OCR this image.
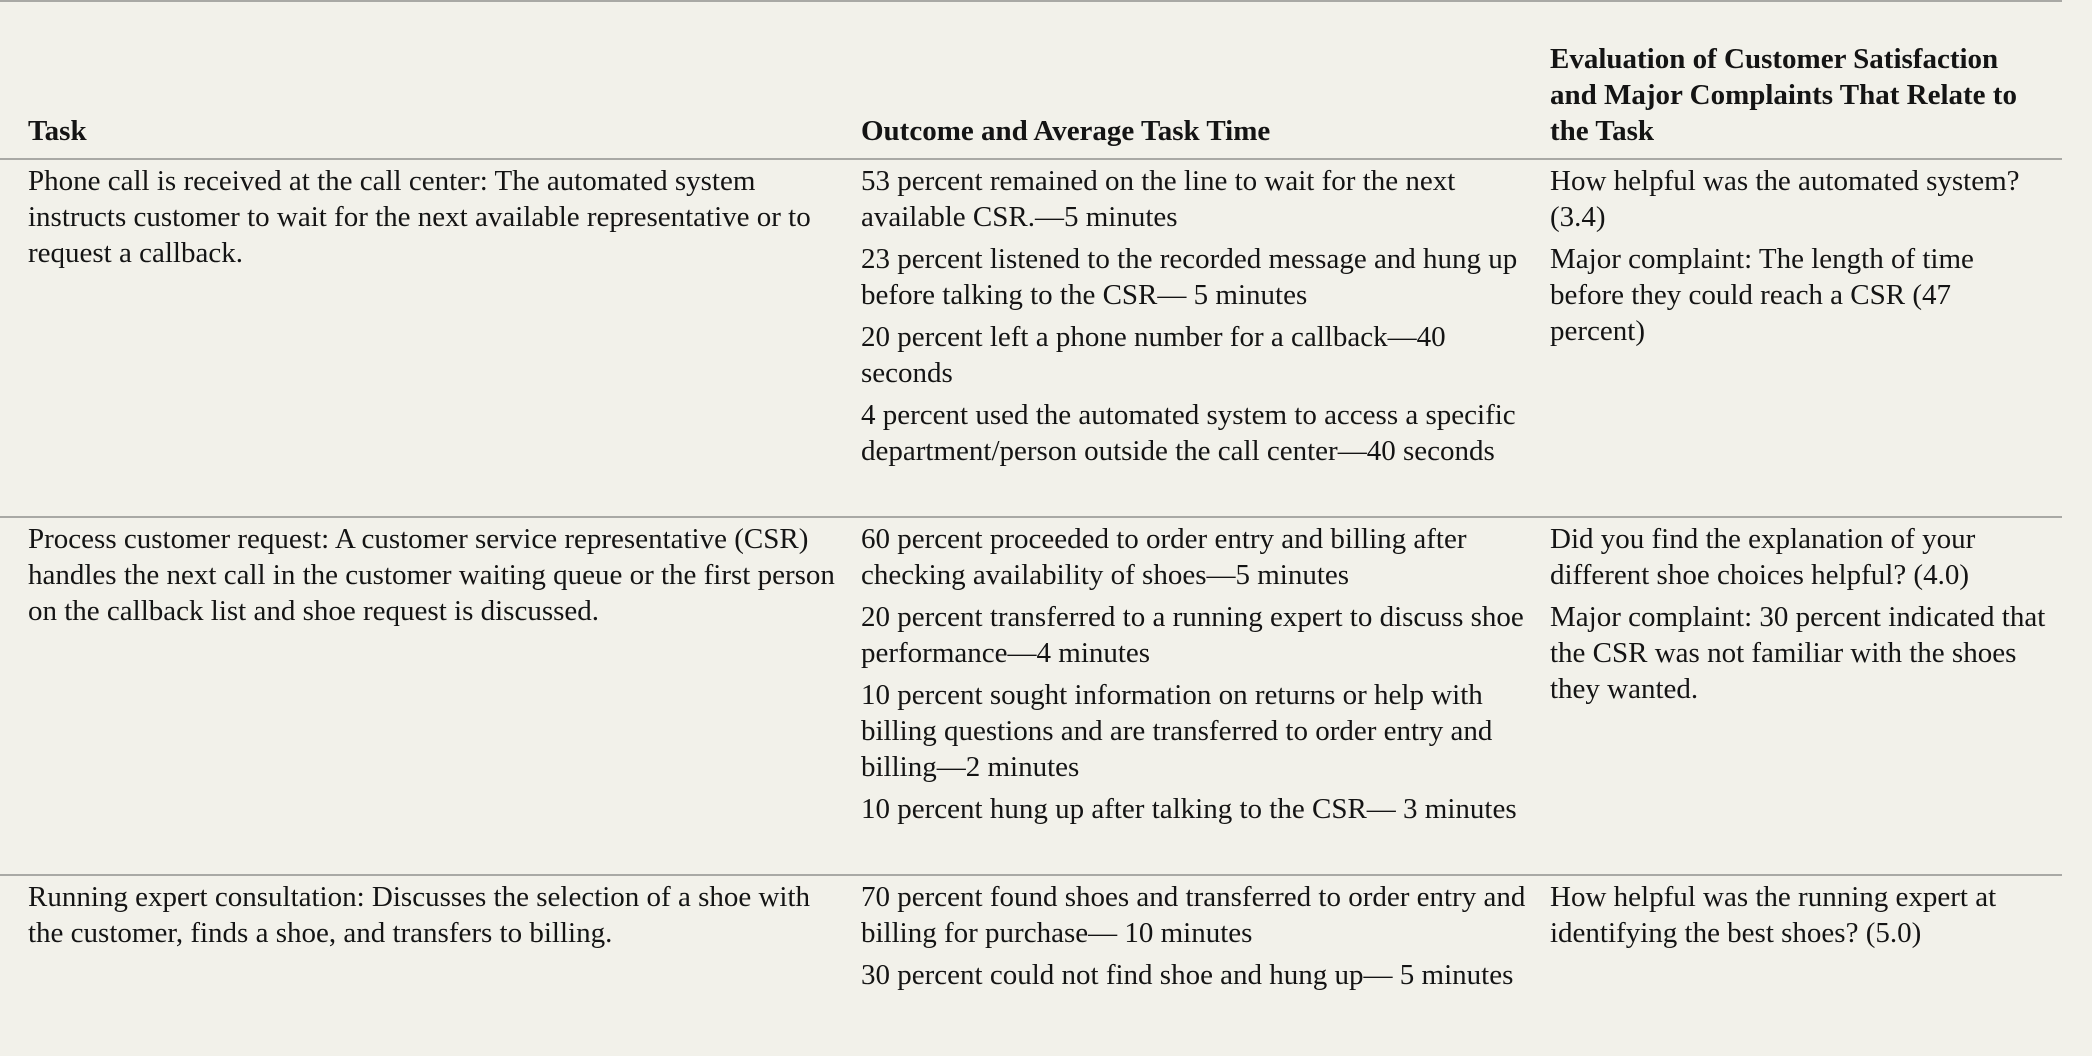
Task	Outcome and Average Task Time
Evaluation of Customer Satisfaction and Major Complaints That Relate to the Task
Phone call is received at the call center: The automated system instructs customer to wait for the next available representative or to request a callback.

53 percent remained on the line to wait for the next available CSR.—5 minutes

23 percent listened to the recorded message and hung up before talking to the CSR— 5 minutes

20 percent left a phone number for a callback—40 seconds

4 percent used the automated system to access a specific department/person outside the call center—40 seconds

How helpful was the automated system? (3.4)

Major complaint: The length of time before they could reach a CSR (47 percent)

Process customer request: A customer service representative (CSR) handles the next call in the customer waiting queue or the first person on the callback list and shoe request is discussed.

60 percent proceeded to order entry and billing after checking availability of shoes—5 minutes

20 percent transferred to a running expert to discuss shoe performance—4 minutes

10 percent sought information on returns or help with billing questions and are transferred to order entry and billing—2 minutes

10 percent hung up after talking to the CSR— 3 minutes

Did you find the explanation of your different shoe choices helpful? (4.0)

Major complaint: 30 percent indicated that the CSR was not familiar with the shoes they wanted.

Running expert consultation: Discusses the selection of a shoe with the customer, finds a shoe, and transfers to billing.

70 percent found shoes and transferred to order entry and billing for purchase— 10 minutes

30 percent could not find shoe and hung up— 5 minutes

How helpful was the running expert at identifying the best shoes? (5.0)
